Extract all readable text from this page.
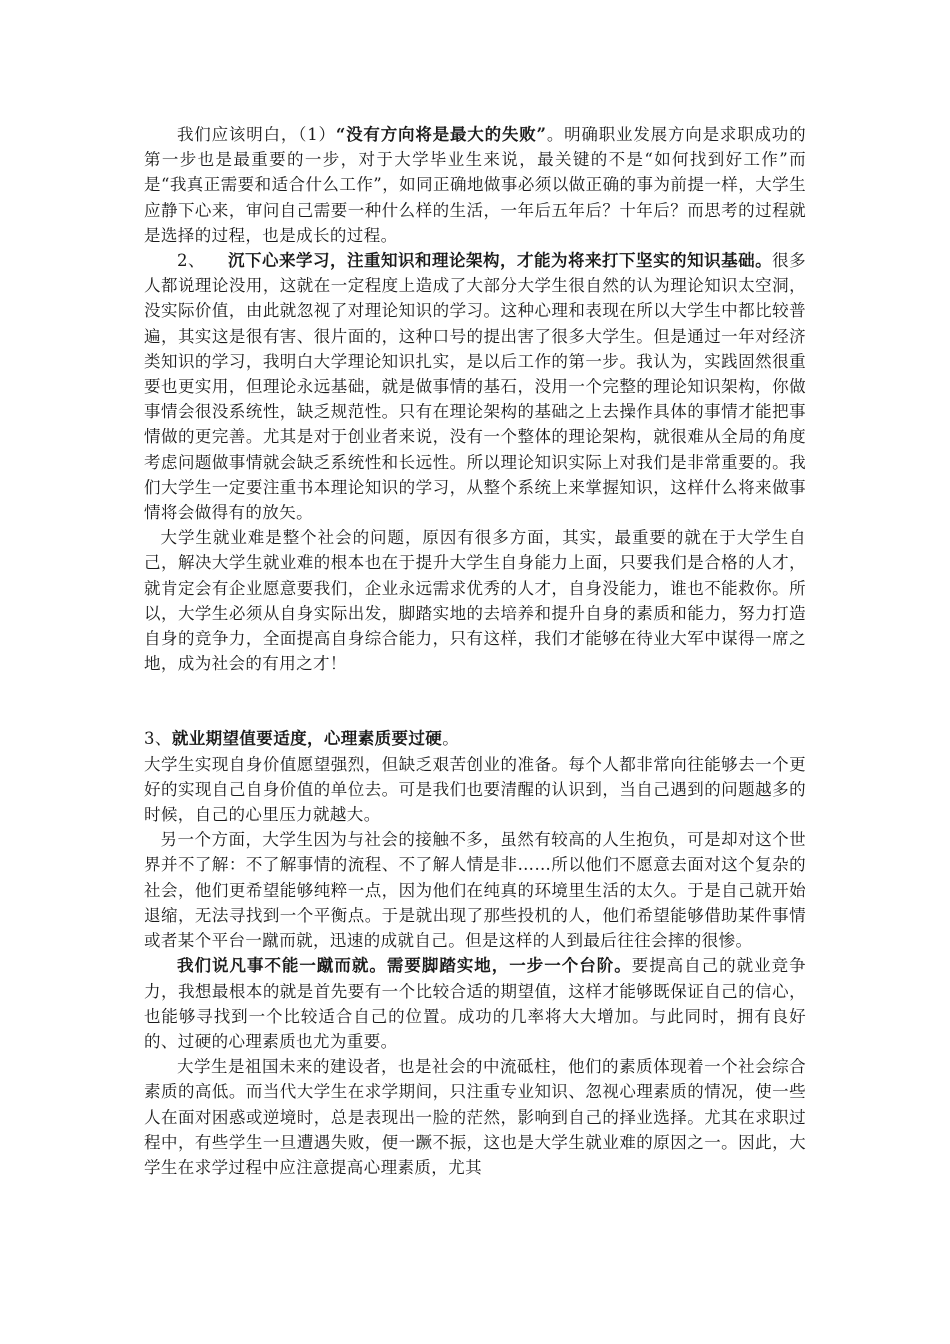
我们应该明白，（1）“没有方向将是最大的失败”。明确职业发展方向是求职成功的第一步也是最重要的一步，对于大学毕业生来说，最关键的不是“如何找到好工作”而是“我真正需要和适合什么工作”，如同正确地做事必须以做正确的事为前提一样，大学生应静下心来，审问自己需要一种什么样的生活，一年后五年后？十年后？而思考的过程就是选择的过程，也是成长的过程。

2、 沉下心来学习，注重知识和理论架构，才能为将来打下坚实的知识基础。很多人都说理论没用，这就在一定程度上造成了大部分大学生很自然的认为理论知识太空洞，没实际价值，由此就忽视了对理论知识的学习。这种心理和表现在所以大学生中都比较普遍，其实这是很有害、很片面的，这种口号的提出害了很多大学生。但是通过一年对经济类知识的学习，我明白大学理论知识扎实，是以后工作的第一步。我认为，实践固然很重要也更实用，但理论永远基础，就是做事情的基石，没用一个完整的理论知识架构，你做事情会很没系统性，缺乏规范性。只有在理论架构的基础之上去操作具体的事情才能把事情做的更完善。尤其是对于创业者来说，没有一个整体的理论架构，就很难从全局的角度考虑问题做事情就会缺乏系统性和长远性。所以理论知识实际上对我们是非常重要的。我们大学生一定要注重书本理论知识的学习，从整个系统上来掌握知识，这样什么将来做事情将会做得有的放矢。

大学生就业难是整个社会的问题，原因有很多方面，其实，最重要的就在于大学生自己，解决大学生就业难的根本也在于提升大学生自身能力上面，只要我们是合格的人才，就肯定会有企业愿意要我们，企业永远需求优秀的人才，自身没能力，谁也不能救你。所以，大学生必须从自身实际出发，脚踏实地的去培养和提升自身的素质和能力，努力打造自身的竞争力，全面提高自身综合能力，只有这样，我们才能够在待业大军中谋得一席之地，成为社会的有用之才！

3、就业期望值要适度，心理素质要过硬。

大学生实现自身价值愿望强烈，但缺乏艰苦创业的准备。每个人都非常向往能够去一个更好的实现自己自身价值的单位去。可是我们也要清醒的认识到，当自己遇到的问题越多的时候，自己的心里压力就越大。

另一个方面，大学生因为与社会的接触不多，虽然有较高的人生抱负，可是却对这个世界并不了解：不了解事情的流程、不了解人情是非……所以他们不愿意去面对这个复杂的社会，他们更希望能够纯粹一点，因为他们在纯真的环境里生活的太久。于是自己就开始退缩，无法寻找到一个平衡点。于是就出现了那些投机的人，他们希望能够借助某件事情或者某个平台一蹴而就，迅速的成就自己。但是这样的人到最后往往会摔的很惨。

我们说凡事不能一蹴而就。需要脚踏实地，一步一个台阶。要提高自己的就业竞争力，我想最根本的就是首先要有一个比较合适的期望值，这样才能够既保证自己的信心，也能够寻找到一个比较适合自己的位置。成功的几率将大大增加。与此同时，拥有良好的、过硬的心理素质也尤为重要。

大学生是祖国未来的建设者，也是社会的中流砥柱，他们的素质体现着一个社会综合素质的高低。而当代大学生在求学期间，只注重专业知识、忽视心理素质的情况，使一些人在面对困惑或逆境时，总是表现出一脸的茫然，影响到自己的择业选择。尤其在求职过程中，有些学生一旦遭遇失败，便一蹶不振，这也是大学生就业难的原因之一。因此，大学生在求学过程中应注意提高心理素质，尤其
